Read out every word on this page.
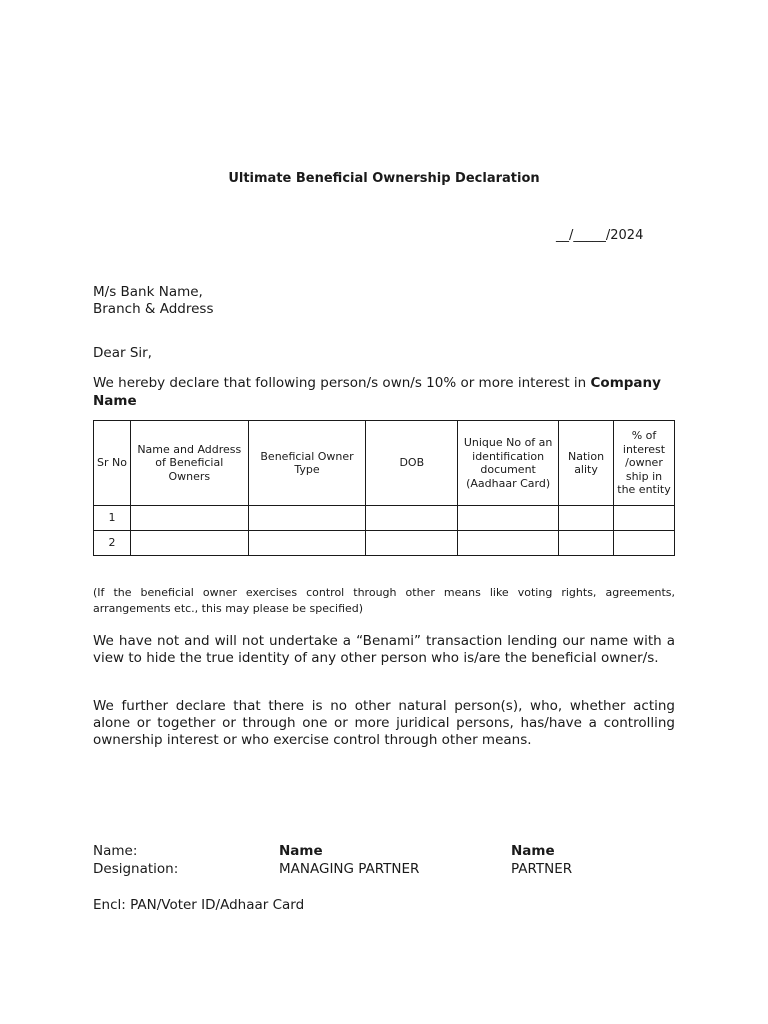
Ultimate Beneficial Ownership Declaration
__/_____/2024
M/s Bank Name,
Branch & Address
Dear Sir,
We hereby declare that following person/s own/s 10% or more interest in Company Name
Sr No	Name and Address of Beneficial Owners	Beneficial Owner Type	DOB	Unique No of an identification document (Aadhaar Card)	Nation ality	% of interest /owner ship in the entity
1						
2						
(If the beneficial owner exercises control through other means like voting rights, agreements, arrangements etc., this may please be specified)
We have not and will not undertake a “Benami” transaction lending our name with a view to hide the true identity of any other person who is/are the beneficial owner/s.
We further declare that there is no other natural person(s), who, whether acting alone or together or through one or more juridical persons, has/have a controlling ownership interest or who exercise control through other means.
Name:	Name	Name
Designation:	MANAGING PARTNER	PARTNER
Encl: PAN/Voter ID/Adhaar Card
